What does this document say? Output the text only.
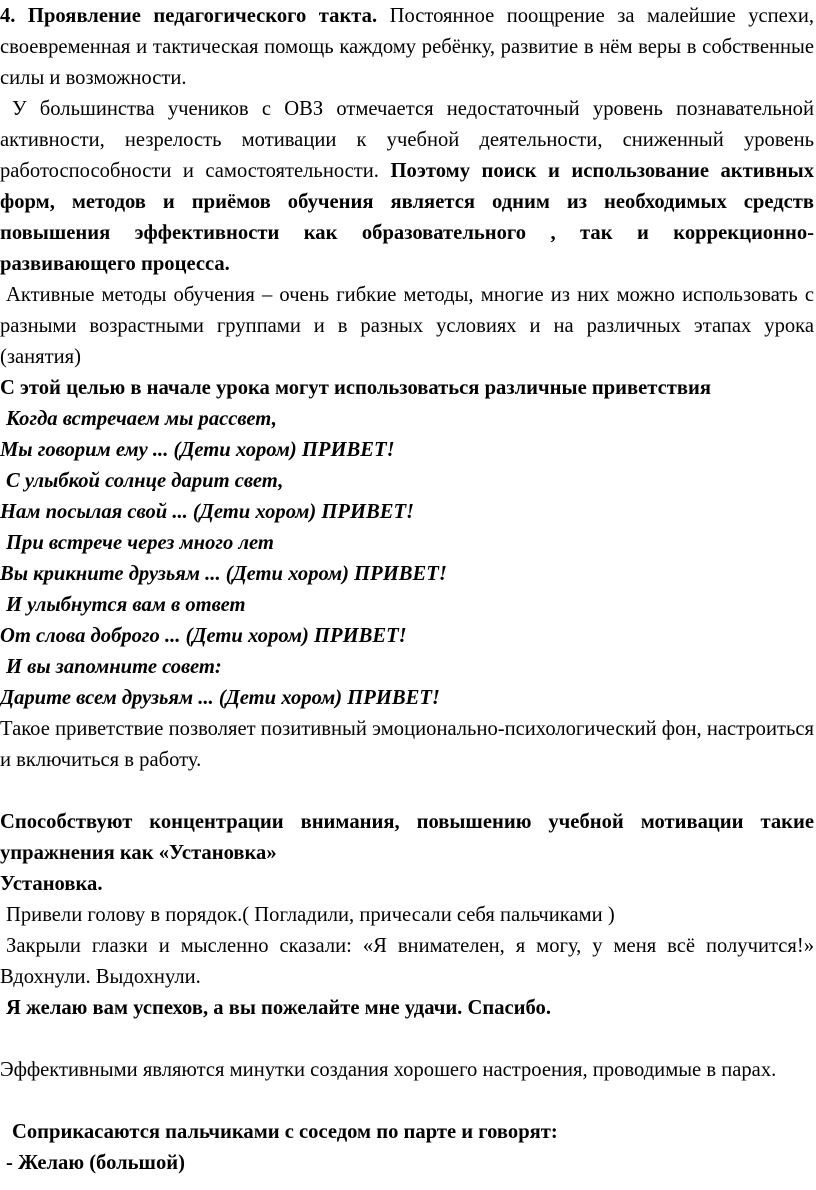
4. Проявление педагогического такта. Постоянное поощрение за малейшие успехи, своевременная и тактическая помощь каждому ребёнку, развитие в нём веры в собственные силы и возможности.

У большинства учеников с ОВЗ отмечается недостаточный уровень познавательной активности, незрелость мотивации к учебной деятельности, сниженный уровень работоспособности и самостоятельности. Поэтому поиск и использование активных форм, методов и приёмов обучения является одним из необходимых средств повышения эффективности как образовательного , так и коррекционно-развивающего процесса.

Активные методы обучения – очень гибкие методы, многие из них можно использовать с разными возрастными группами и в разных условиях и на различных этапах урока (занятия)

С этой целью в начале урока могут использоваться различные приветствия

Когда встречаем мы рассвет,

Мы говорим ему ... (Дети хором) ПРИВЕТ!

С улыбкой солнце дарит свет,

Нам посылая свой ... (Дети хором) ПРИВЕТ!

При встрече через много лет

Вы крикните друзьям ... (Дети хором) ПРИВЕТ!

И улыбнутся вам в ответ

От слова доброго ... (Дети хором) ПРИВЕТ!

И вы запомните совет:

Дарите всем друзьям ... (Дети хором) ПРИВЕТ!

Такое приветствие позволяет позитивный эмоционально-психологический фон, настроиться и включиться в работу.

Способствуют концентрации внимания, повышению учебной мотивации такие упражнения как «Установка»

Установка.

Привели голову в порядок.( Погладили, причесали себя пальчиками )

Закрыли глазки и мысленно сказали: «Я внимателен, я могу, у меня всё получится!» Вдохнули. Выдохнули.

Я желаю вам успехов, а вы пожелайте мне удачи. Спасибо.

Эффективными являются минутки создания хорошего настроения, проводимые в парах.

Соприкасаются пальчиками с соседом по парте и говорят:

- Желаю (большой)
